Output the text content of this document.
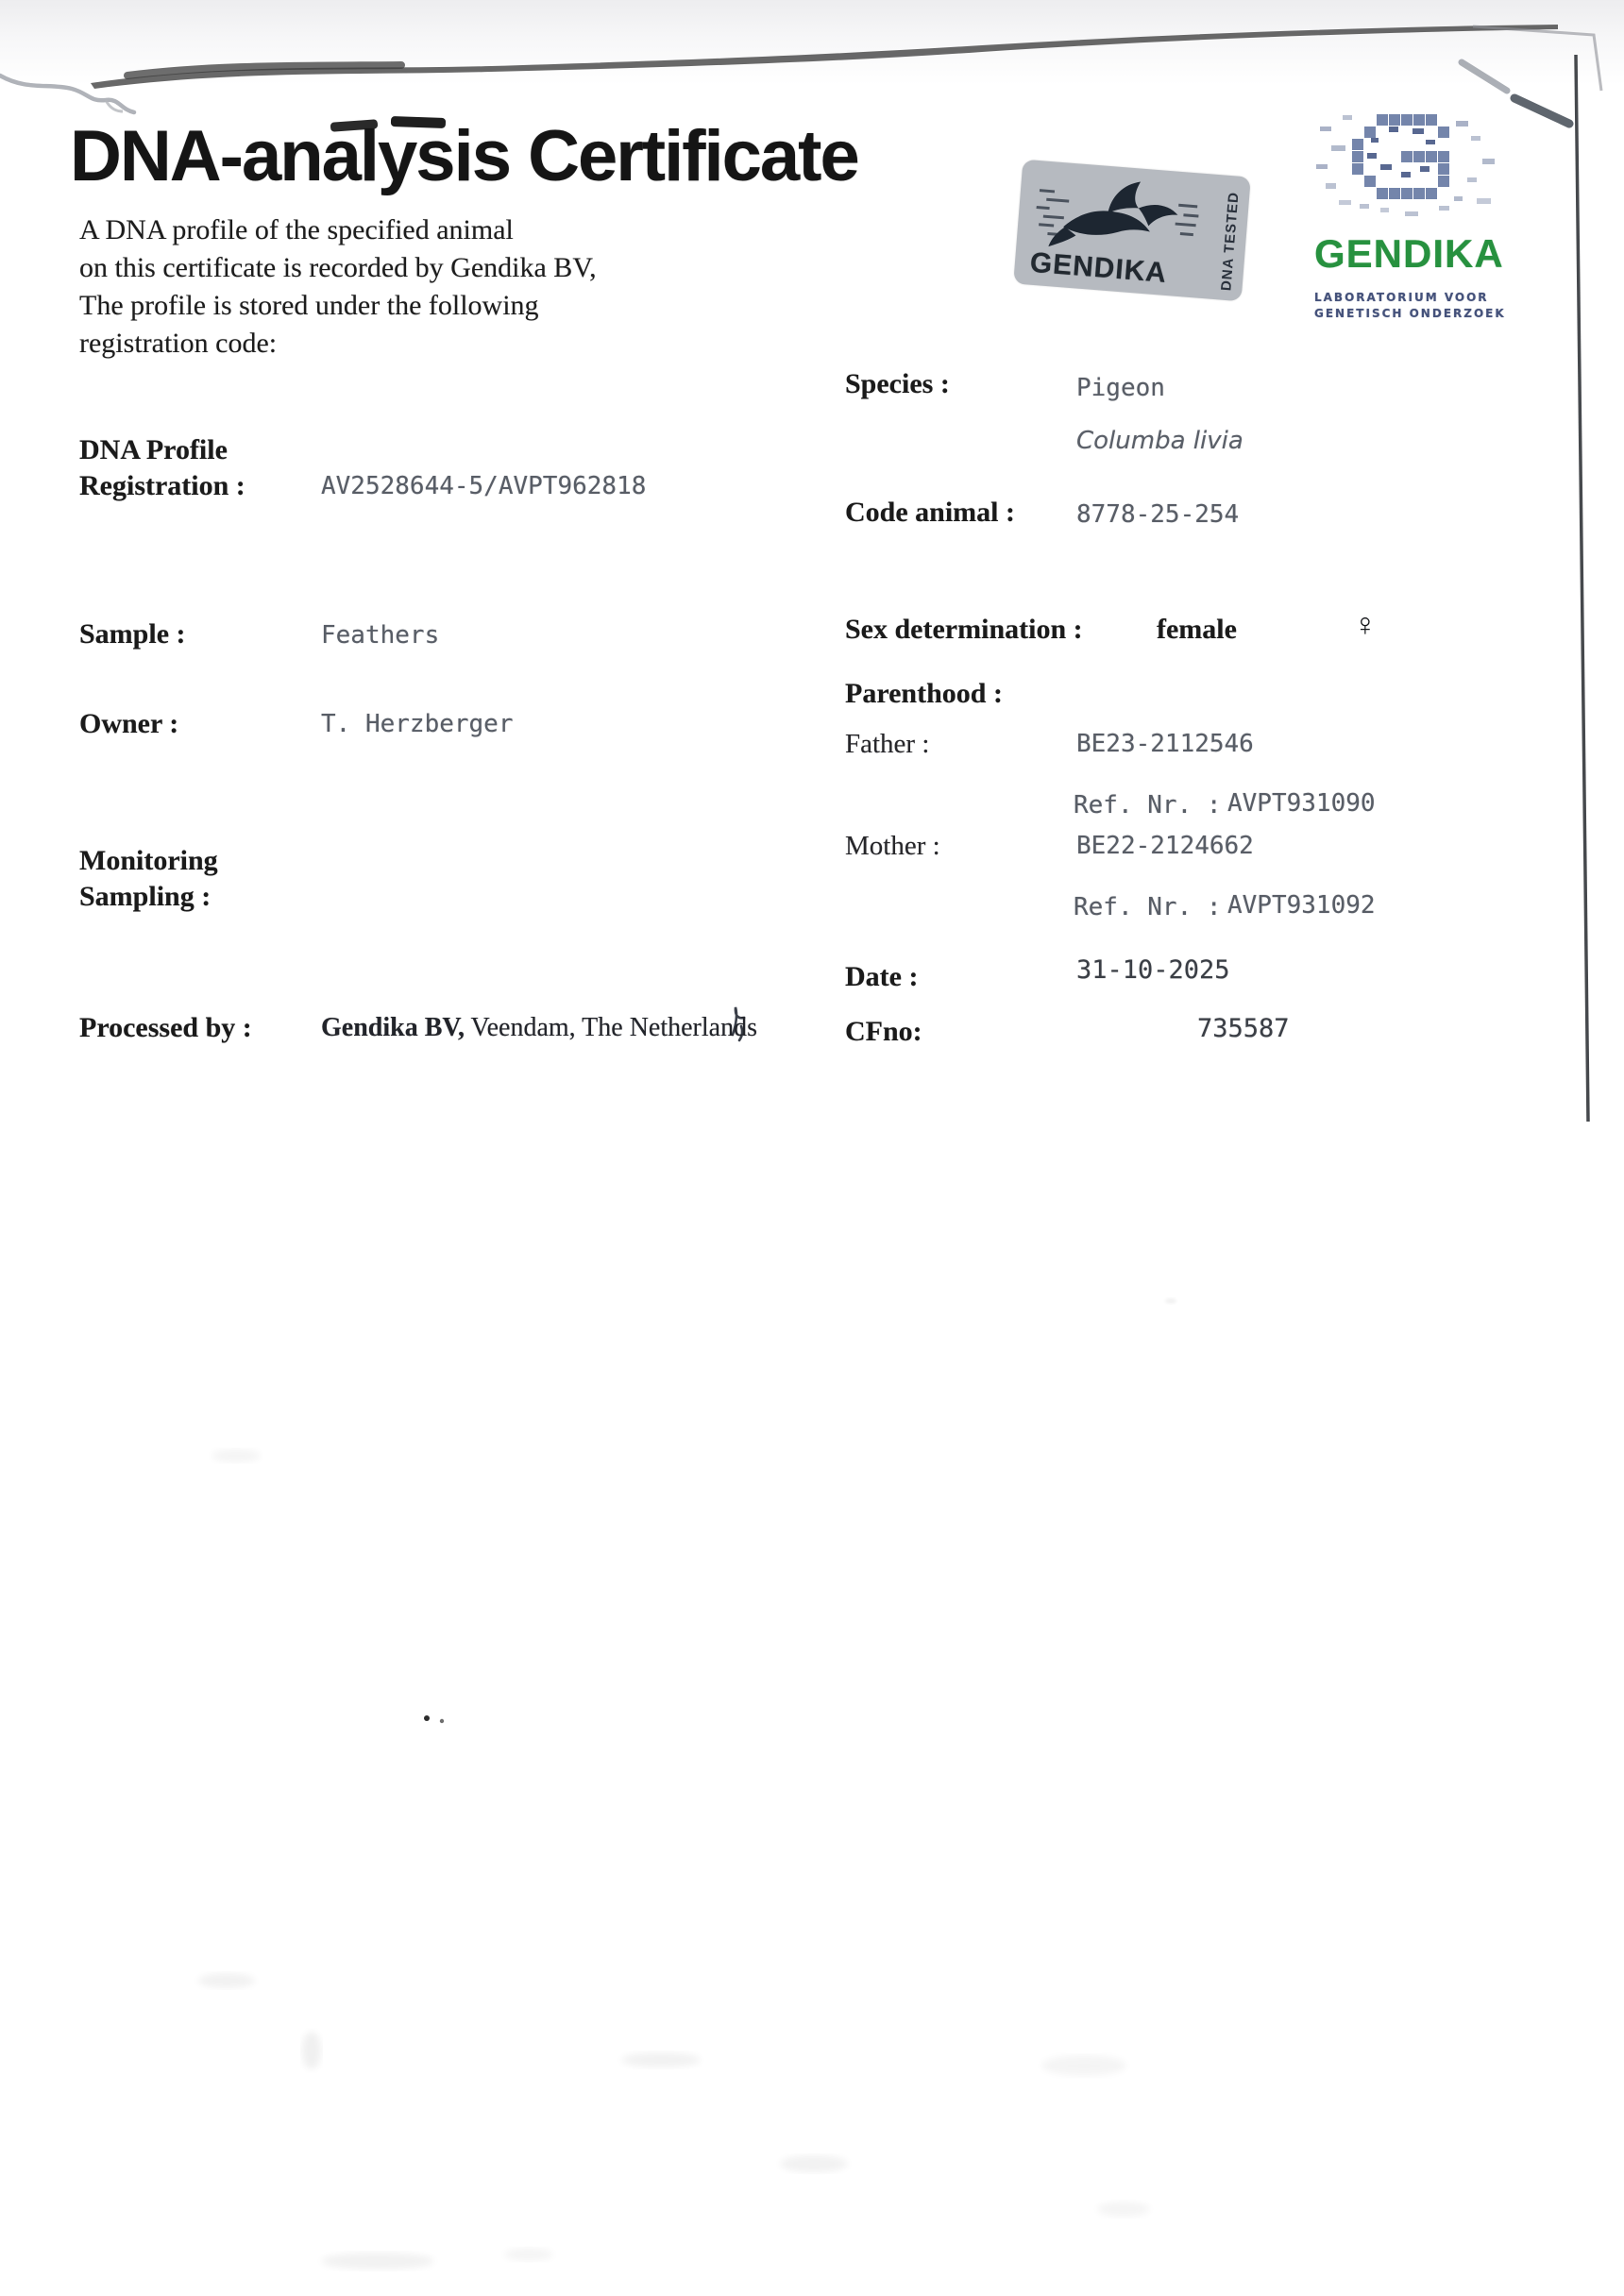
DNA-analysis Certificate
A DNA profile of the specified animal
on this certificate is recorded by Gendika BV,
The profile is stored under the following
registration code:
DNA Profile
Registration :	AV2528644-5/AVPT962818
Sample :	Feathers
Owner :	T. Herzberger
Monitoring
Sampling :
Processed by :	Gendika BV, Veendam, The Netherlands
Species :	Pigeon
Columba livia
Code animal :	8778-25-254
Sex determination :	female	♀
Parenthood :
Father :	BE23-2112546
Ref. Nr. : AVPT931090
Mother :	BE22-2124662
Ref. Nr. : AVPT931092
Date :	31-10-2025
CFno:	735587
GENDIKA	DNA TESTED GENDIKA
LABORATORIUM VOOR
GENETISCH ONDERZOEK
